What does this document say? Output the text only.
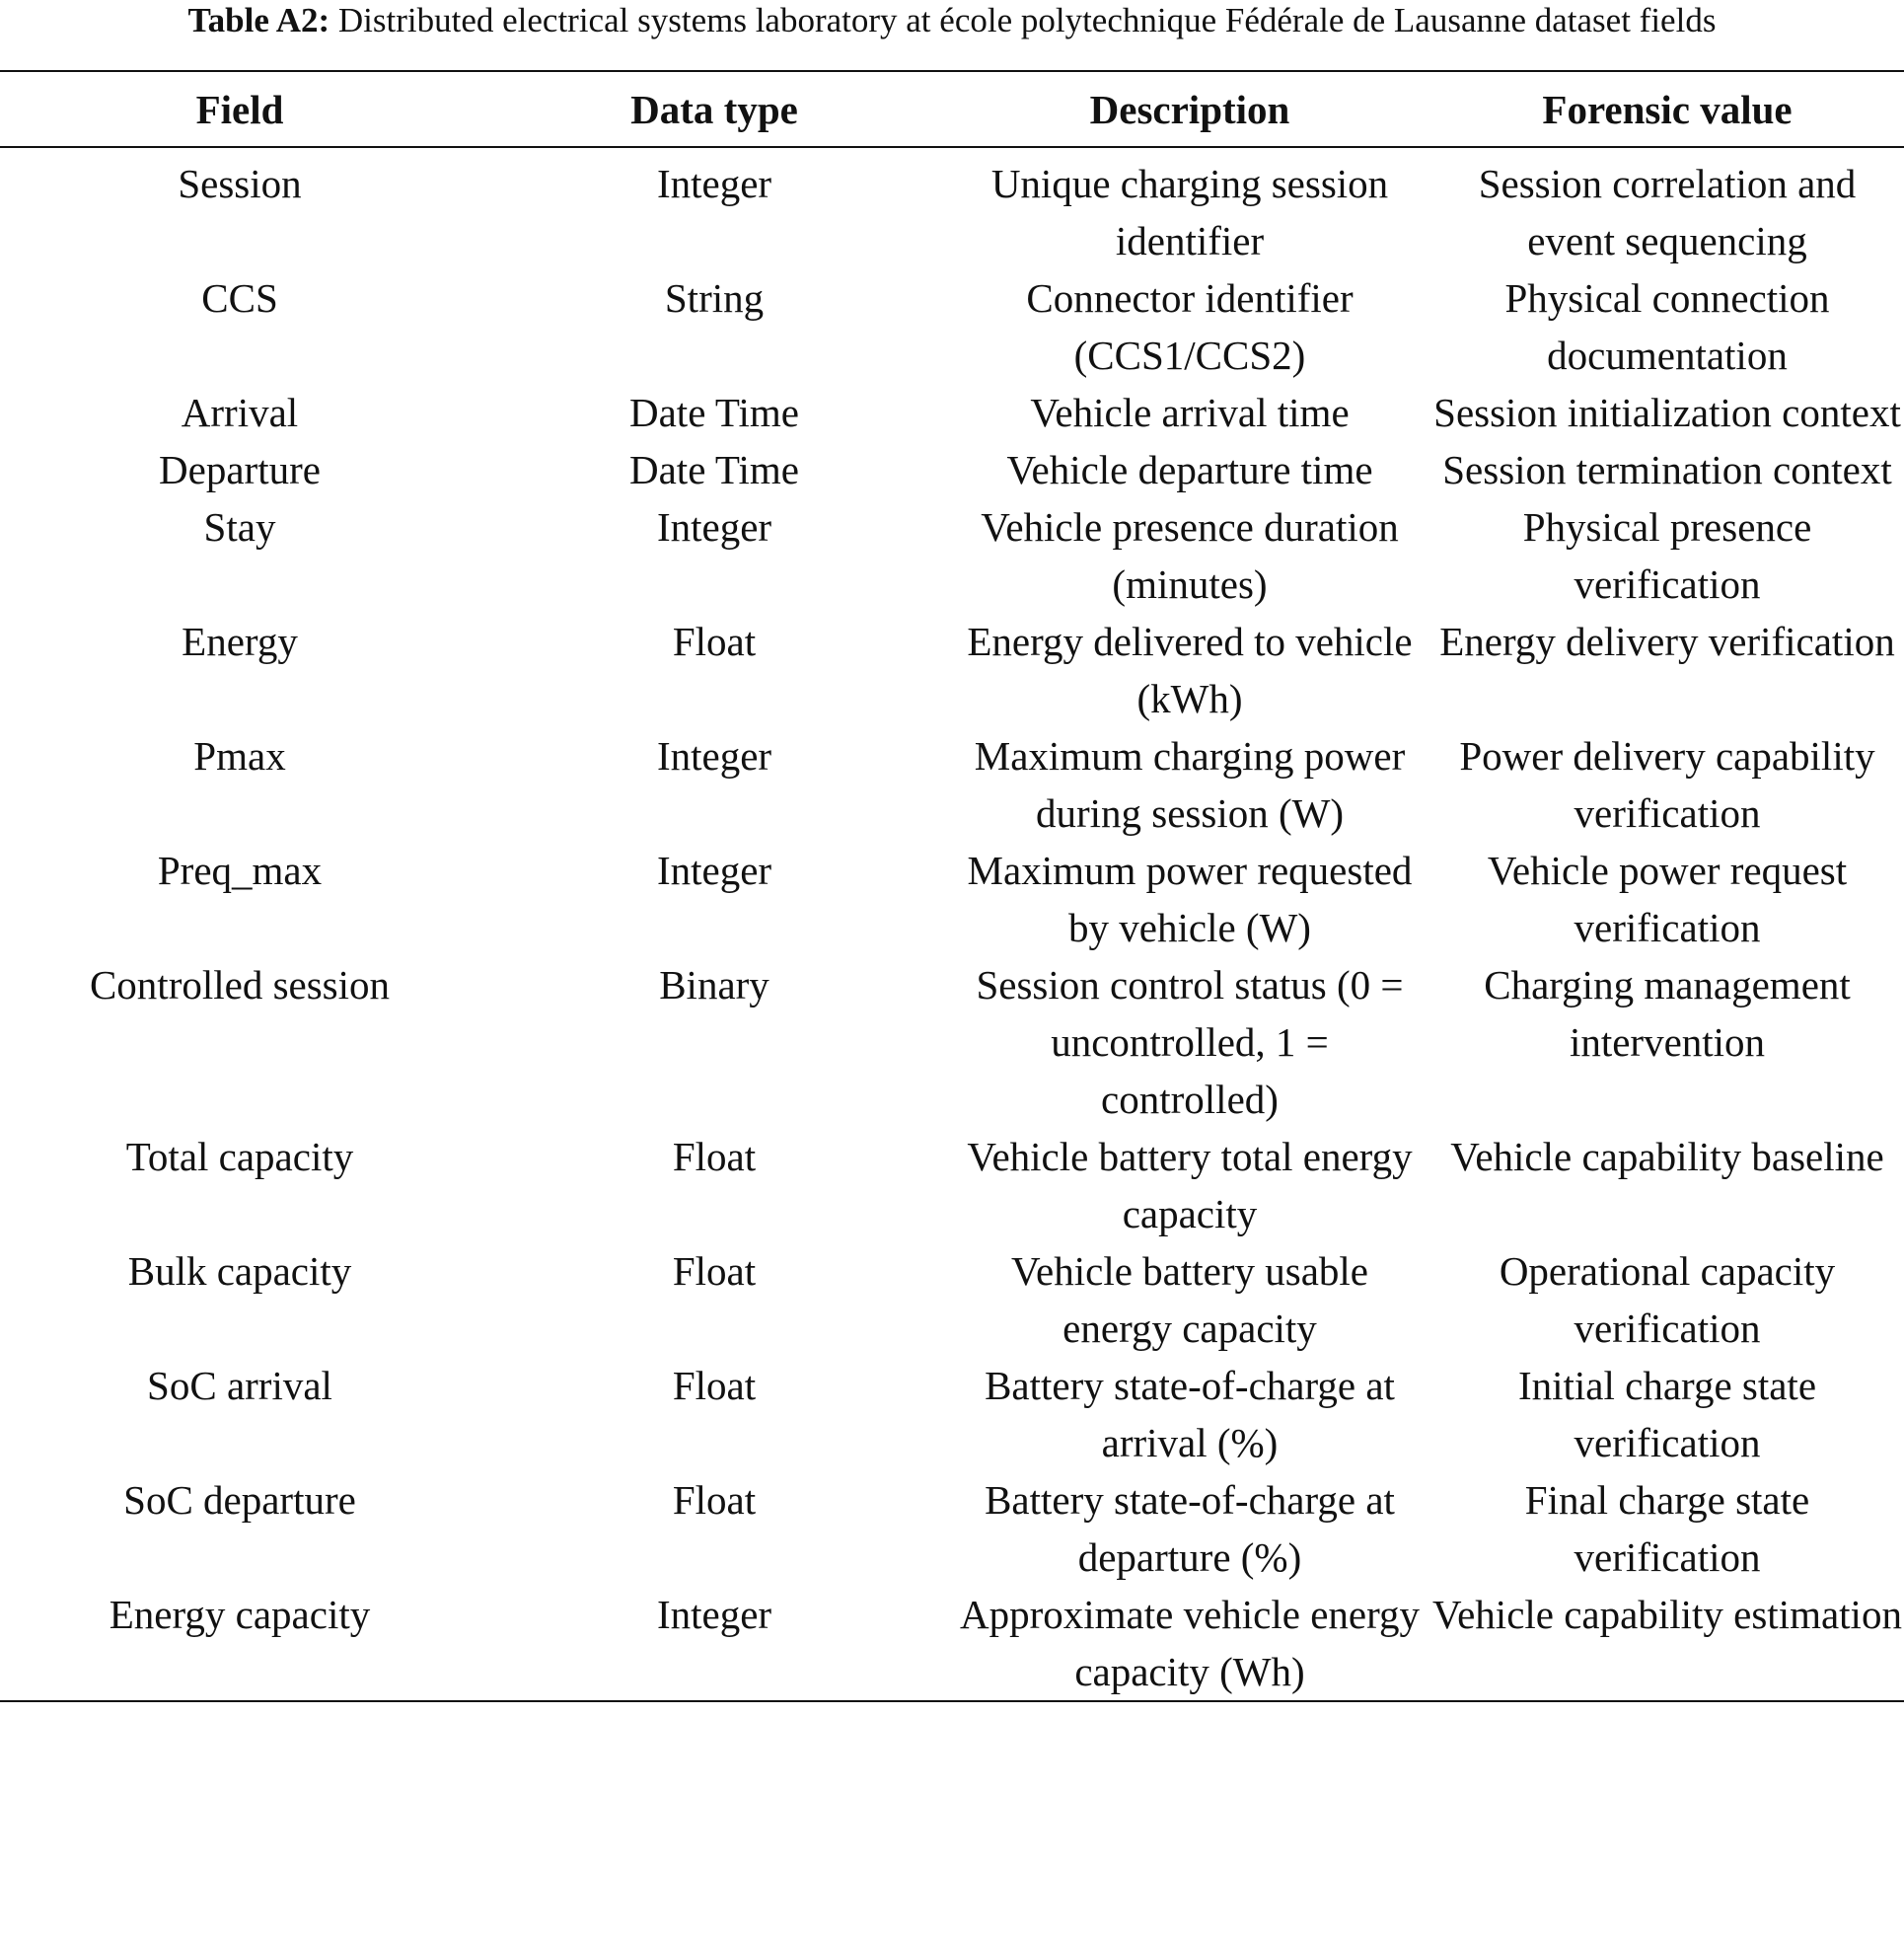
Table A2: Distributed electrical systems laboratory at école polytechnique Fédérale de Lausanne dataset fields
Field	Data type	Description	Forensic value
Session	Integer	Unique charging session identifier	Session correlation and event sequencing
CCS	String	Connector identifier (CCS1/CCS2)	Physical connection documentation
Arrival	Date Time	Vehicle arrival time	Session initialization context
Departure	Date Time	Vehicle departure time	Session termination context
Stay	Integer	Vehicle presence duration (minutes)	Physical presence verification
Energy	Float	Energy delivered to vehicle (kWh)	Energy delivery verification
Pmax	Integer	Maximum charging power during session (W)	Power delivery capability verification
Preq_max	Integer	Maximum power requested by vehicle (W)	Vehicle power request verification
Controlled session	Binary	Session control status (0 = uncontrolled, 1 = controlled)	Charging management intervention
Total capacity	Float	Vehicle battery total energy capacity	Vehicle capability baseline
Bulk capacity	Float	Vehicle battery usable energy capacity	Operational capacity verification
SoC arrival	Float	Battery state-of-charge at arrival (%)	Initial charge state verification
SoC departure	Float	Battery state-of-charge at departure (%)	Final charge state verification
Energy capacity	Integer	Approximate vehicle energy capacity (Wh)	Vehicle capability estimation
